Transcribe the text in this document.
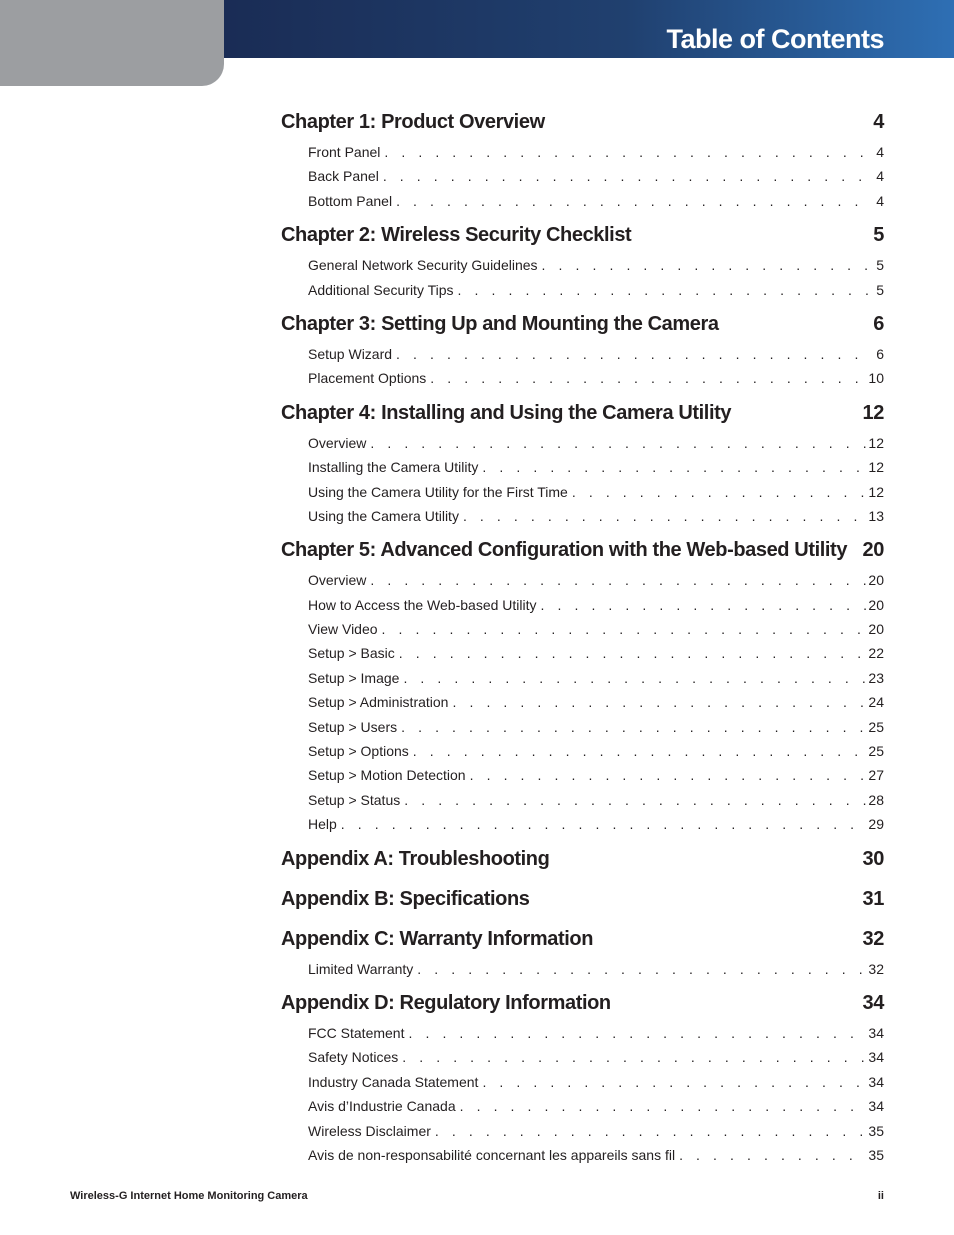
Table of Contents
Chapter 1: Product Overview	4
Front Panel . . .	4
Back Panel . . .	4
Bottom Panel . . .	4
Chapter 2: Wireless Security Checklist	5
General Network Security Guidelines . . .	5
Additional Security Tips . . .	5
Chapter 3: Setting Up and Mounting the Camera	6
Setup Wizard . . .	6
Placement Options . . .	10
Chapter 4: Installing and Using the Camera Utility	12
Overview . . .	12
Installing the Camera Utility . . .	12
Using the Camera Utility for the First Time . . .	12
Using the Camera Utility . . .	13
Chapter 5: Advanced Configuration with the Web-based Utility 20
Overview . . .	20
How to Access the Web-based Utility . . .	20
View Video . . .	20
Setup > Basic . . .	22
Setup > Image . . .	23
Setup > Administration . . .	24
Setup > Users . . .	25
Setup > Options . . .	25
Setup > Motion Detection . . .	27
Setup > Status . . .	28
Help . . .	29
Appendix A: Troubleshooting	30
Appendix B: Specifications	31
Appendix C: Warranty Information	32
Limited Warranty . . .	32
Appendix D: Regulatory Information	34
FCC Statement . . .	34
Safety Notices . . .	34
Industry Canada Statement . . .	34
Avis d’Industrie Canada . . .	34
Wireless Disclaimer . . .	35
Avis de non-responsabilité concernant les appareils sans fil . . .	35
Wireless-G Internet Home Monitoring Camera	ii
